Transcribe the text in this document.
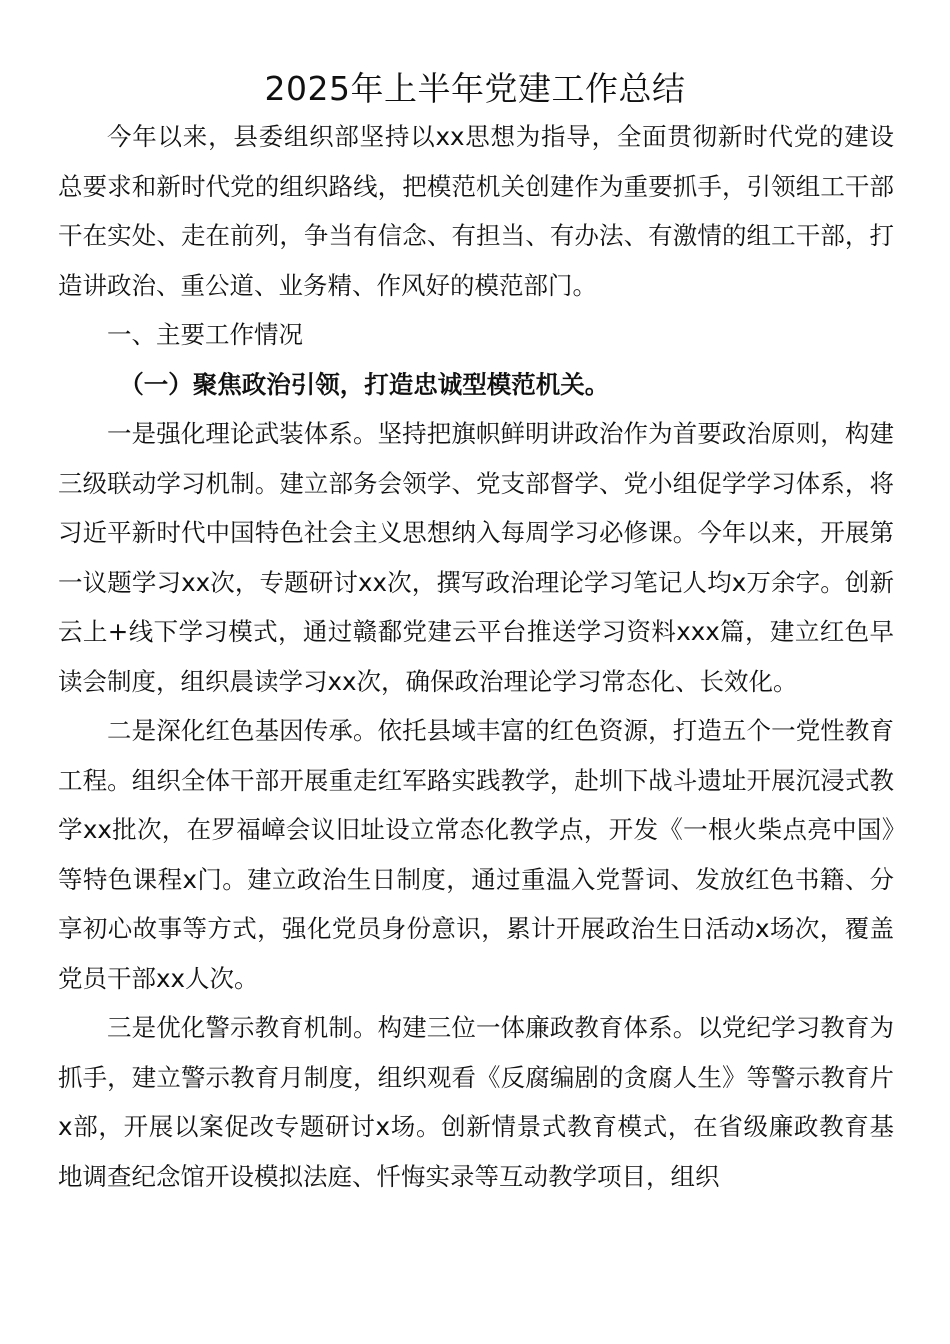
2025年上半年党建工作总结

今年以来，县委组织部坚持以xx思想为指导，全面贯彻新时代党的建设总要求和新时代党的组织路线，把模范机关创建作为重要抓手，引领组工干部干在实处、走在前列，争当有信念、有担当、有办法、有激情的组工干部，打造讲政治、重公道、业务精、作风好的模范部门。

一、主要工作情况

（一）聚焦政治引领，打造忠诚型模范机关。

一是强化理论武装体系。坚持把旗帜鲜明讲政治作为首要政治原则，构建三级联动学习机制。建立部务会领学、党支部督学、党小组促学学习体系，将习近平新时代中国特色社会主义思想纳入每周学习必修课。今年以来，开展第一议题学习xx次，专题研讨xx次，撰写政治理论学习笔记人均x万余字。创新云上+线下学习模式，通过赣鄱党建云平台推送学习资料xxx篇，建立红色早读会制度，组织晨读学习xx次，确保政治理论学习常态化、长效化。

二是深化红色基因传承。依托县域丰富的红色资源，打造五个一党性教育工程。组织全体干部开展重走红军路实践教学，赴圳下战斗遗址开展沉浸式教学xx批次，在罗福嶂会议旧址设立常态化教学点，开发《一根火柴点亮中国》等特色课程x门。建立政治生日制度，通过重温入党誓词、发放红色书籍、分享初心故事等方式，强化党员身份意识，累计开展政治生日活动x场次，覆盖党员干部xx人次。

三是优化警示教育机制。构建三位一体廉政教育体系。以党纪学习教育为抓手，建立警示教育月制度，组织观看《反腐编剧的贪腐人生》等警示教育片x部，开展以案促改专题研讨x场。创新情景式教育模式，在省级廉政教育基地调查纪念馆开设模拟法庭、忏悔实录等互动教学项目，组织
